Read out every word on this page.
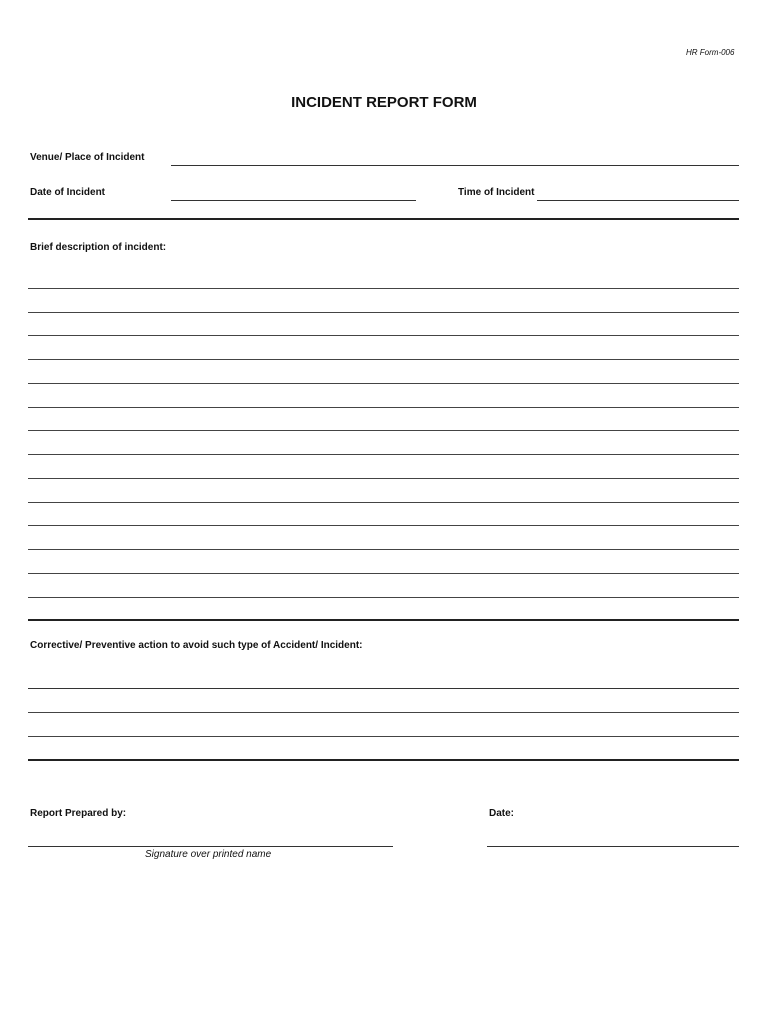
HR Form-006
INCIDENT REPORT FORM
Venue/ Place of Incident
Date of Incident	Time of Incident
Brief description of incident:
Corrective/ Preventive action to avoid such type of Accident/ Incident:
Report Prepared by:
Signature over printed name
Date:
